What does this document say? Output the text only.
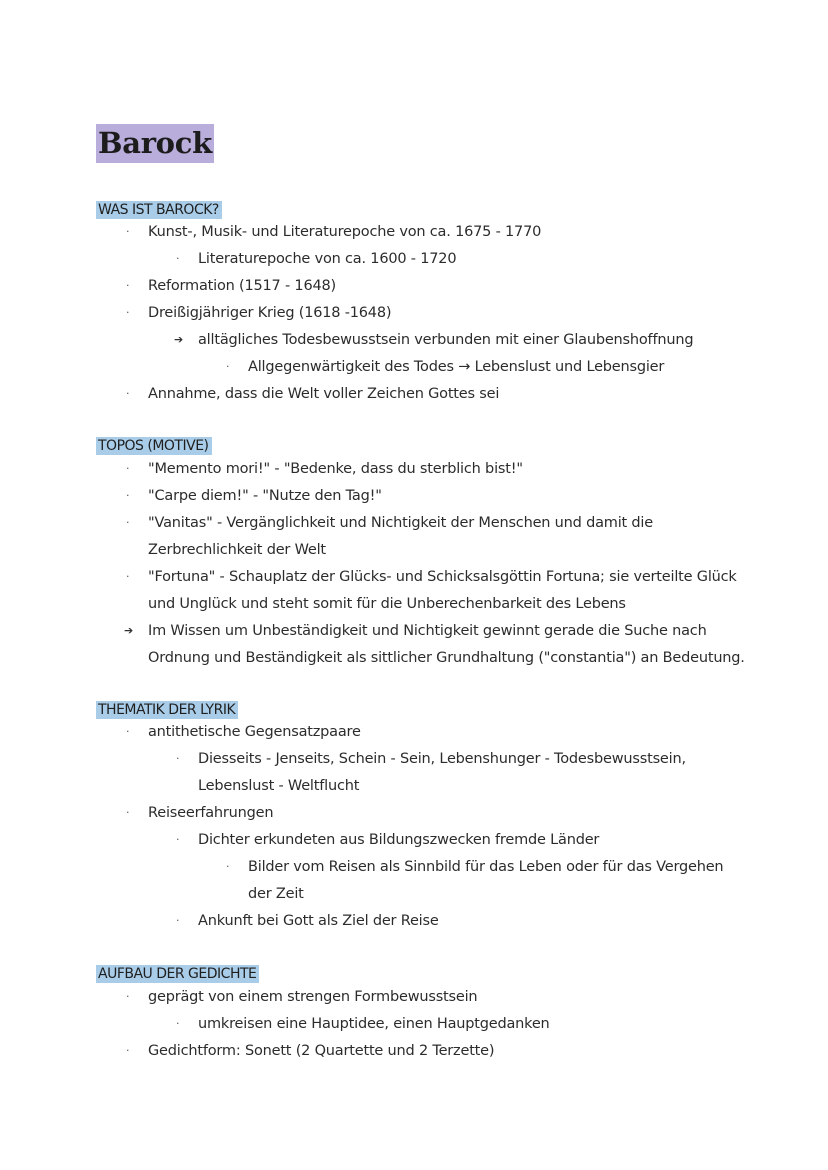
Barock
WAS IST BAROCK?
· Kunst-, Musik- und Literaturepoche von ca. 1675 - 1770
· Literaturepoche von ca. 1600 - 1720
· Reformation (1517 - 1648)
· Dreißigjähriger Krieg (1618 -1648)
➔ alltägliches Todesbewusstsein verbunden mit einer Glaubenshoffnung
· Allgegenwärtigkeit des Todes → Lebenslust und Lebensgier
· Annahme, dass die Welt voller Zeichen Gottes sei
TOPOS (MOTIVE)
· "Memento mori!" - "Bedenke, dass du sterblich bist!"
· "Carpe diem!" - "Nutze den Tag!"
· "Vanitas" - Vergänglichkeit und Nichtigkeit der Menschen und damit die
Zerbrechlichkeit der Welt
· "Fortuna" - Schauplatz der Glücks- und Schicksalsgöttin Fortuna; sie verteilte Glück
und Unglück und steht somit für die Unberechenbarkeit des Lebens
➔ Im Wissen um Unbeständigkeit und Nichtigkeit gewinnt gerade die Suche nach
Ordnung und Beständigkeit als sittlicher Grundhaltung ("constantia") an Bedeutung.
THEMATIK DER LYRIK
· antithetische Gegensatzpaare
· Diesseits - Jenseits, Schein - Sein, Lebenshunger - Todesbewusstsein,
Lebenslust - Weltflucht
· Reiseerfahrungen
· Dichter erkundeten aus Bildungszwecken fremde Länder
· Bilder vom Reisen als Sinnbild für das Leben oder für das Vergehen
der Zeit
· Ankunft bei Gott als Ziel der Reise
AUFBAU DER GEDICHTE
· geprägt von einem strengen Formbewusstsein
· umkreisen eine Hauptidee, einen Hauptgedanken
· Gedichtform: Sonett (2 Quartette und 2 Terzette)
